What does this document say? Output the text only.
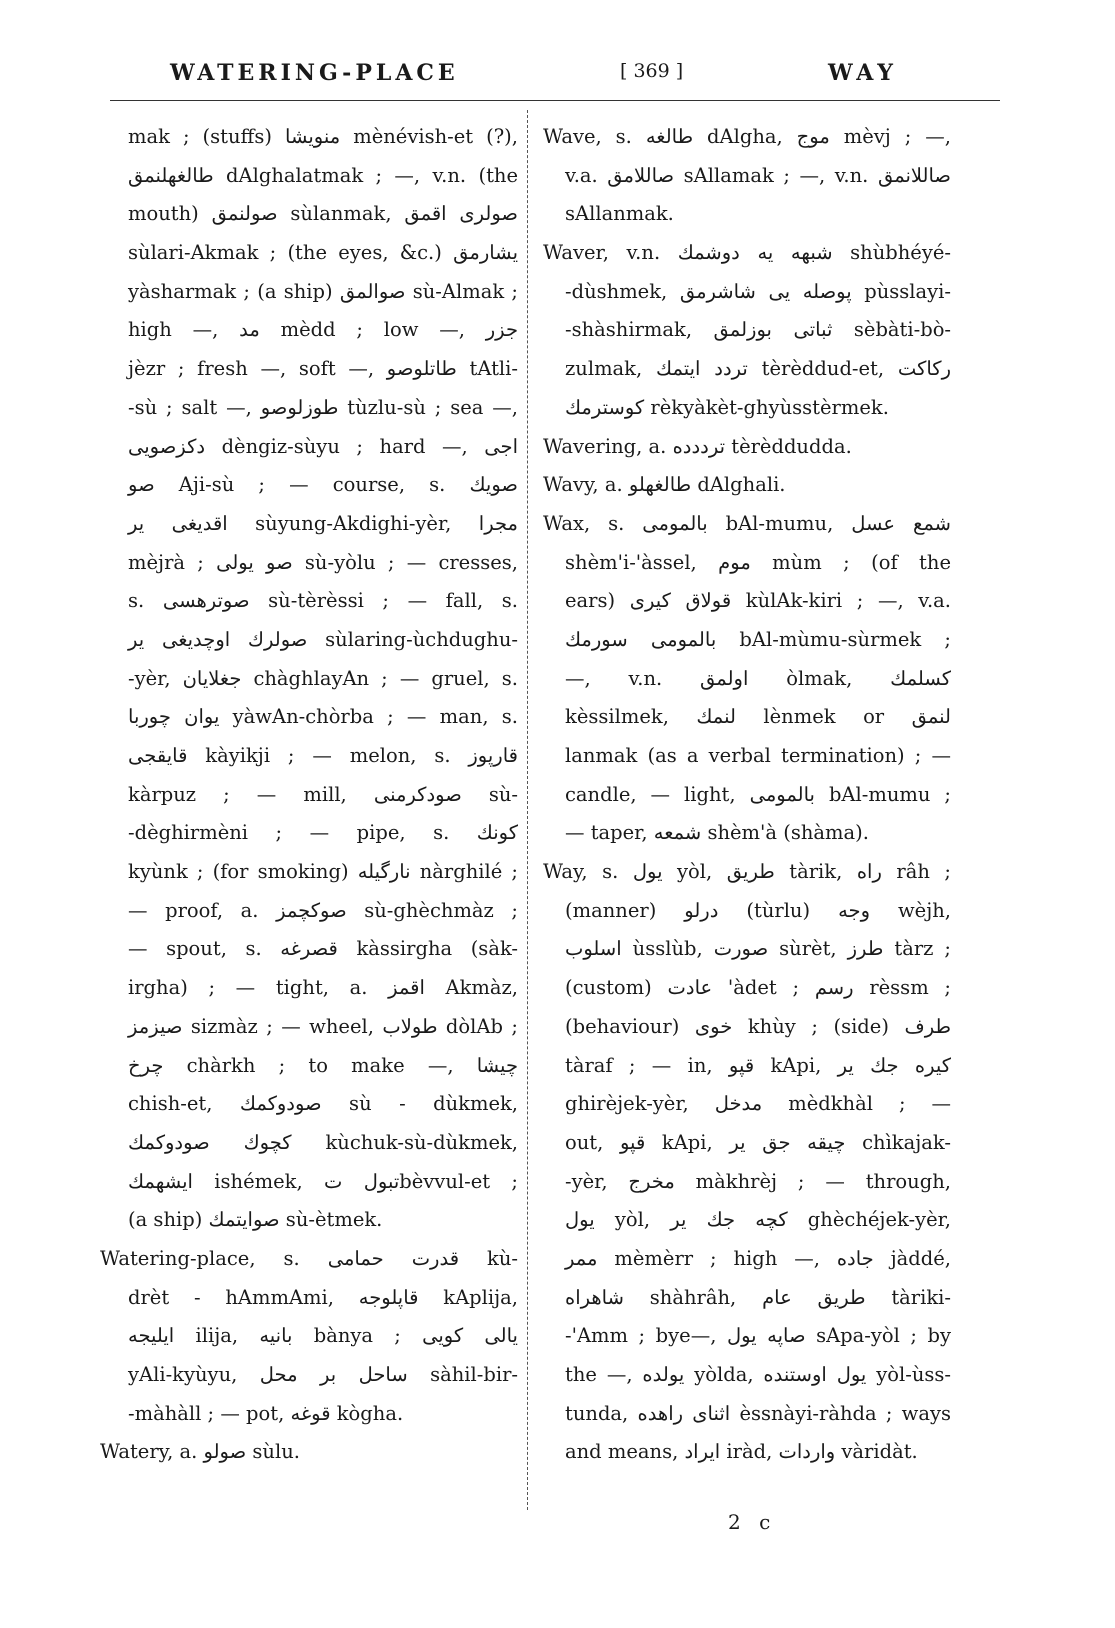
WATERING-PLACE	[ 369 ]	WAY
mak ; (stuffs) منویشا mènévish-et (?),
طالغهلنمق dAlghalatmak ; —, v.n. (the
mouth) صولنمق sùlanmak, صولری اقمق
sùlari-Akmak ; (the eyes, &c.) یشارمق
yàsharmak ; (a ship) صوالمق sù-Almak ;
high —, مد mèdd ; low —, جزر
jèzr ; fresh —, soft —, طاتلوصو tAtli-
-sù ; salt —, طوزلوصو tùzlu-sù ; sea —,
دكزصویی dèngiz-sùyu ; hard —, اجی
صو Aji-sù ; — course, s. صویك
اقدیغی یر sùyung-Akdighi-yèr, مجرا
mèjrà ; صو یولی sù-yòlu ; — cresses,
s. صوترهسی sù-tèrèssi ; — fall, s.
صولرك اوچدیغی یر sùlaring-ùchdughu-
-yèr, جغلایان chàghlayAn ; — gruel, s.
یوان چوربا yàwAn-chòrba ; — man, s.
قایقجی kàyikji ; — melon, s. قارپوز
kàrpuz ; — mill, صودكرمنی sù-
-dèghirmèni ; — pipe, s. كونك
kyùnk ; (for smoking) نارگیله nàrghilé ;
— proof, a. صوكچمز sù-ghèchmàz ;
— spout, s. قصرغه kàssirgha (sàk-
irgha) ; — tight, a. اقمز Akmàz,
صیزمز sizmàz ; — wheel, طولاب dòlAb ;
چرخ chàrkh ; to make —, چیشا
chish-et, صودوكمك sù - dùkmek,
كچوك صودوكمك kùchuk-sù-dùkmek,
ایشهمك ishémek, تبول تbèvvul-et ;
(a ship) صوایتمك sù-ètmek.
Watering-place, s. قدرت حمامی kù-
drèt - hAmmAmi, قاپلوجه kAplija,
ایلیجه ilija, بانیه bànya ; یالی كویی
yAli-kyùyu, ساحل بر محل sàhil-bir-
-màhàll ; — pot, قوغه kògha.
Watery, a. صولو sùlu.
Wave, s. طالغه dAlgha, موج mèvj ; —,
v.a. صاللامق sAllamak ; —, v.n. صاللانمق
sAllanmak.
Waver, v.n. شبهه یه دوشمك shùbhéyé-
-dùshmek, پوصله یی شاشرمق pùsslayi-
-shàshirmak, ثباتی بوزلمق sèbàti-bò-
zulmak, تردد ایتمك tèrèddud-et, ركاكت
كوسترمك rèkyàkèt-ghyùsstèrmek.
Wavering, a. ترددده tèrèddudda.
Wavy, a. طالغهلو dAlghali.
Wax, s. بالمومی bAl-mumu, شمع عسل
shèm'i-'àssel, موم mùm ; (of the
ears) قولاق كیری kùlAk-kiri ; —, v.a.
بالمومی سورمك bAl-mùmu-sùrmek ;
—, v.n. اولمق òlmak, كسلمك
kèssilmek, لنمك lènmek or لنمق
lanmak (as a verbal termination) ; —
candle, — light, بالمومی bAl-mumu ;
— taper, شمعه shèm'à (shàma).
Way, s. یول yòl, طریق tàrik, راه râh ;
(manner) درلو (tùrlu) وجه wèjh,
اسلوب ùsslùb, صورت sùrèt, طرز tàrz ;
(custom) عادت 'àdet ; رسم rèssm ;
(behaviour) خوی khùy ; (side) طرف
tàraf ; — in, قپو kApi, كیره جك یر
ghirèjek-yèr, مدخل mèdkhàl ; —
out, قپو kApi, چیقه جق یر chìkajak-
-yèr, مخرج màkhrèj ; — through,
یول yòl, كچه جك یر ghèchéjek-yèr,
ممر mèmèrr ; high —, جاده jàddé,
شاهراه shàhrâh, طریق عام tàriki-
-'Amm ; bye—, صاپه یول sApa-yòl ; by
the —, یولده yòlda, یول اوستنده yòl-ùss-
tunda, اثنای راهده èssnàyi-ràhda ; ways
and means, ایراد iràd, واردات vàridàt.
2 c
